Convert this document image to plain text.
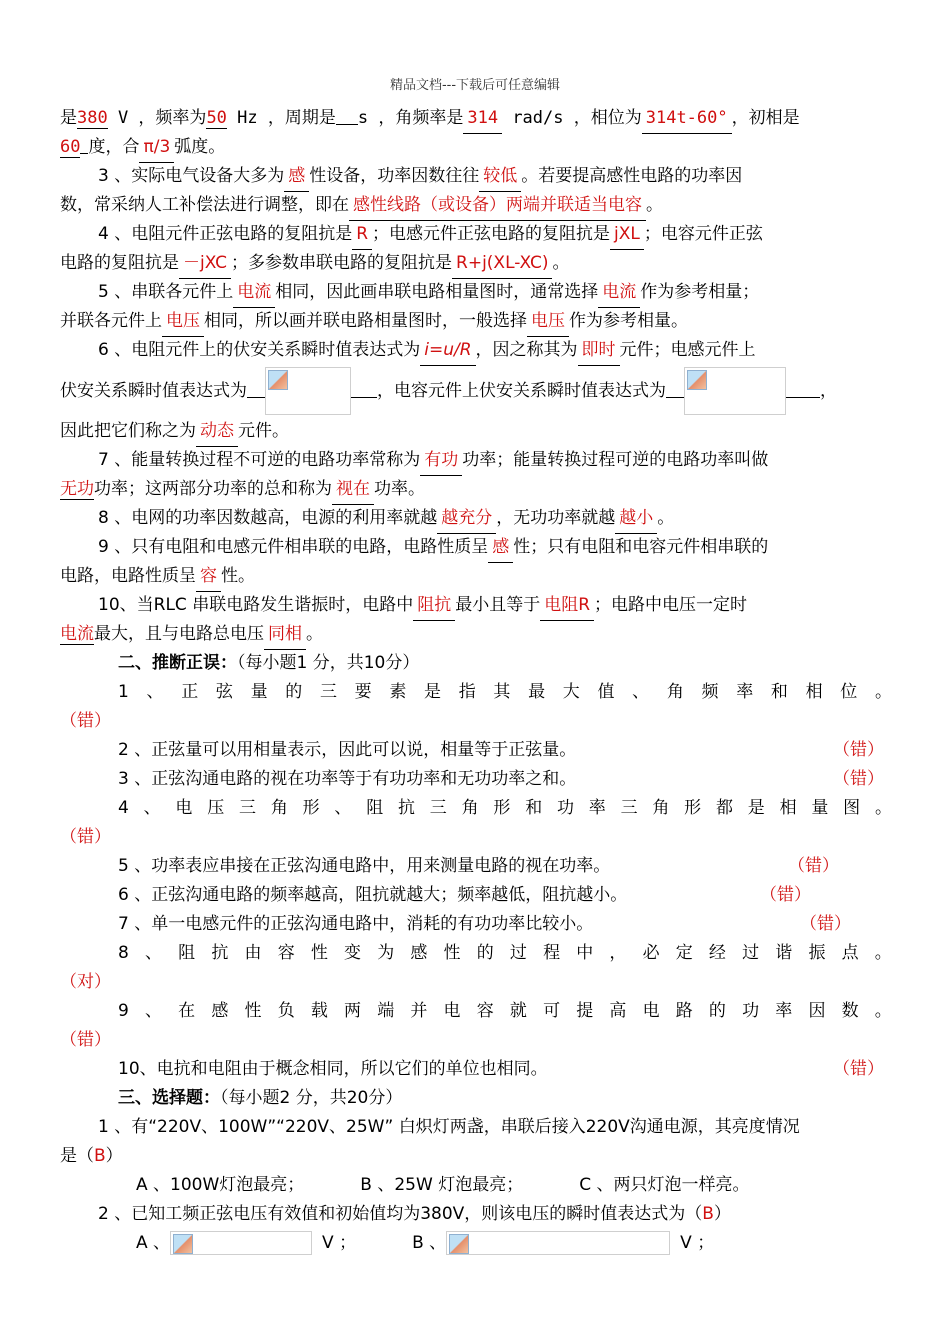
精品文档---下载后可任意编辑
是380 V ，频率为50 Hz ，周期是 s ，角频率是 314 rad/s ，相位为 314t-60° ，初相是
60 度，合 π/3 弧度。
3 、实际电气设备大多为 感 性设备，功率因数往往 较低 。若要提高感性电路的功率因
数，常采纳人工补偿法进行调整，即在 感性线路（或设备）两端并联适当电容 。
4 、电阻元件正弦电路的复阻抗是 R ；电感元件正弦电路的复阻抗是 jXL ；电容元件正弦
电路的复阻抗是 －jXC ；多参数串联电路的复阻抗是 R+j(XL-XC) 。
5 、串联各元件上 电流 相同，因此画串联电路相量图时，通常选择 电流 作为参考相量；
并联各元件上 电压 相同，所以画并联电路相量图时，一般选择 电压 作为参考相量。
6 、电阻元件上的伏安关系瞬时值表达式为 i=u/R ，因之称其为 即时 元件；电感元件上
伏安关系瞬时值表达式为	，电容元件上伏安关系瞬时值表达式为	，
因此把它们称之为 动态 元件。
7 、能量转换过程不可逆的电路功率常称为 有功 功率；能量转换过程可逆的电路功率叫做
无功功率；这两部分功率的总和称为 视在 功率。
8 、电网的功率因数越高，电源的利用率就越 越充分 ，无功功率就越 越小 。
9 、只有电阻和电感元件相串联的电路，电路性质呈 感 性；只有电阻和电容元件相串联的
电路，电路性质呈 容 性。
10、当RLC 串联电路发生谐振时，电路中 阻抗 最小且等于 电阻R ；电路中电压一定时
电流最大，且与电路总电压 同相 。
二、推断正误：（每小题1 分，共10分）
1 、 正 弦 量 的 三 要 素 是 指 其 最 大 值 、 角 频 率 和 相 位 。
（错）
2 、正弦量可以用相量表示，因此可以说，相量等于正弦量。	（错）
3 、正弦沟通电路的视在功率等于有功功率和无功功率之和。	（错）
4 、 电 压 三 角 形 、 阻 抗 三 角 形 和 功 率 三 角 形 都 是 相 量 图 。
（错）
5 、功率表应串接在正弦沟通电路中，用来测量电路的视在功率。	（错）
6 、正弦沟通电路的频率越高，阻抗就越大；频率越低，阻抗越小。	（错）
7 、单一电感元件的正弦沟通电路中，消耗的有功功率比较小。	（错）
8 、 阻 抗 由 容 性 变 为 感 性 的 过 程 中 ， 必 定 经 过 谐 振 点 。
（对）
9 、 在 感 性 负 载 两 端 并 电 容 就 可 提 高 电 路 的 功 率 因 数 。
（错）
10、电抗和电阻由于概念相同，所以它们的单位也相同。	（错）
三、选择题：（每小题2 分，共20分）
1 、有“220V、100W”“220V、25W” 白炽灯两盏，串联后接入220V沟通电源，其亮度情况
是（B）
A 、100W灯泡最亮；	B 、25W 灯泡最亮；	C 、两只灯泡一样亮。
2 、已知工频正弦电压有效值和初始值均为380V，则该电压的瞬时值表达式为（B）
A 、	V ；	B 、	V ；
